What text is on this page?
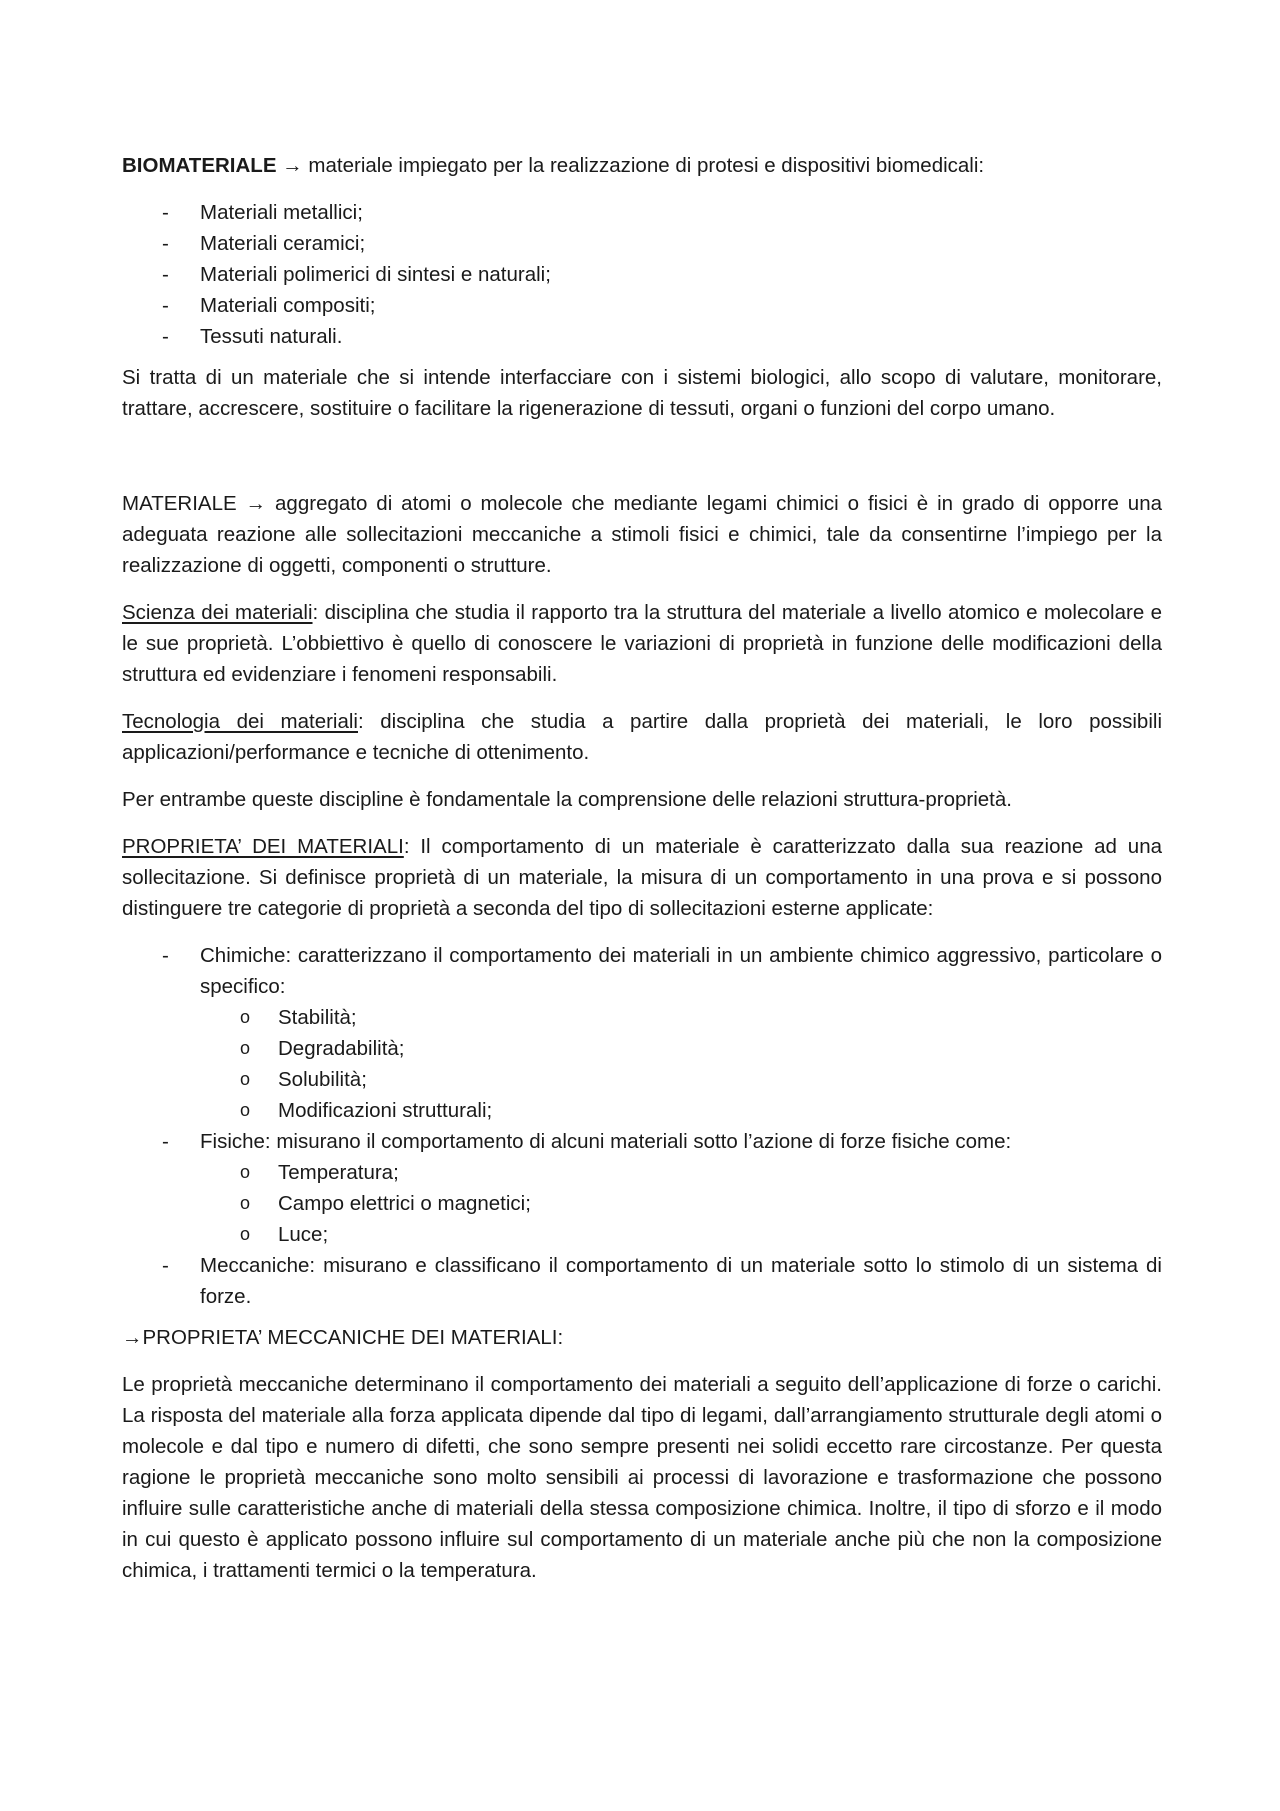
BIOMATERIALE → materiale impiegato per la realizzazione di protesi e dispositivi biomedicali:

- Materiali metallici;
- Materiali ceramici;
- Materiali polimerici di sintesi e naturali;
- Materiali compositi;
- Tessuti naturali.

Si tratta di un materiale che si intende interfacciare con i sistemi biologici, allo scopo di valutare, monitorare, trattare, accrescere, sostituire o facilitare la rigenerazione di tessuti, organi o funzioni del corpo umano.

MATERIALE → aggregato di atomi o molecole che mediante legami chimici o fisici è in grado di opporre una adeguata reazione alle sollecitazioni meccaniche a stimoli fisici e chimici, tale da consentirne l’impiego per la realizzazione di oggetti, componenti o strutture.

Scienza dei materiali: disciplina che studia il rapporto tra la struttura del materiale a livello atomico e molecolare e le sue proprietà. L’obbiettivo è quello di conoscere le variazioni di proprietà in funzione delle modificazioni della struttura ed evidenziare i fenomeni responsabili.

Tecnologia dei materiali: disciplina che studia a partire dalla proprietà dei materiali, le loro possibili applicazioni/performance e tecniche di ottenimento.

Per entrambe queste discipline è fondamentale la comprensione delle relazioni struttura-proprietà.

PROPRIETA’ DEI MATERIALI: Il comportamento di un materiale è caratterizzato dalla sua reazione ad una sollecitazione. Si definisce proprietà di un materiale, la misura di un comportamento in una prova e si possono distinguere tre categorie di proprietà a seconda del tipo di sollecitazioni esterne applicate:

- Chimiche: caratterizzano il comportamento dei materiali in un ambiente chimico aggressivo, particolare o specifico:
o Stabilità;
o Degradabilità;
o Solubilità;
o Modificazioni strutturali;
- Fisiche: misurano il comportamento di alcuni materiali sotto l’azione di forze fisiche come:
o Temperatura;
o Campo elettrici o magnetici;
o Luce;
- Meccaniche: misurano e classificano il comportamento di un materiale sotto lo stimolo di un sistema di forze.

→PROPRIETA’ MECCANICHE DEI MATERIALI:

Le proprietà meccaniche determinano il comportamento dei materiali a seguito dell’applicazione di forze o carichi. La risposta del materiale alla forza applicata dipende dal tipo di legami, dall’arrangiamento strutturale degli atomi o molecole e dal tipo e numero di difetti, che sono sempre presenti nei solidi eccetto rare circostanze. Per questa ragione le proprietà meccaniche sono molto sensibili ai processi di lavorazione e trasformazione che possono influire sulle caratteristiche anche di materiali della stessa composizione chimica. Inoltre, il tipo di sforzo e il modo in cui questo è applicato possono influire sul comportamento di un materiale anche più che non la composizione chimica, i trattamenti termici o la temperatura.
